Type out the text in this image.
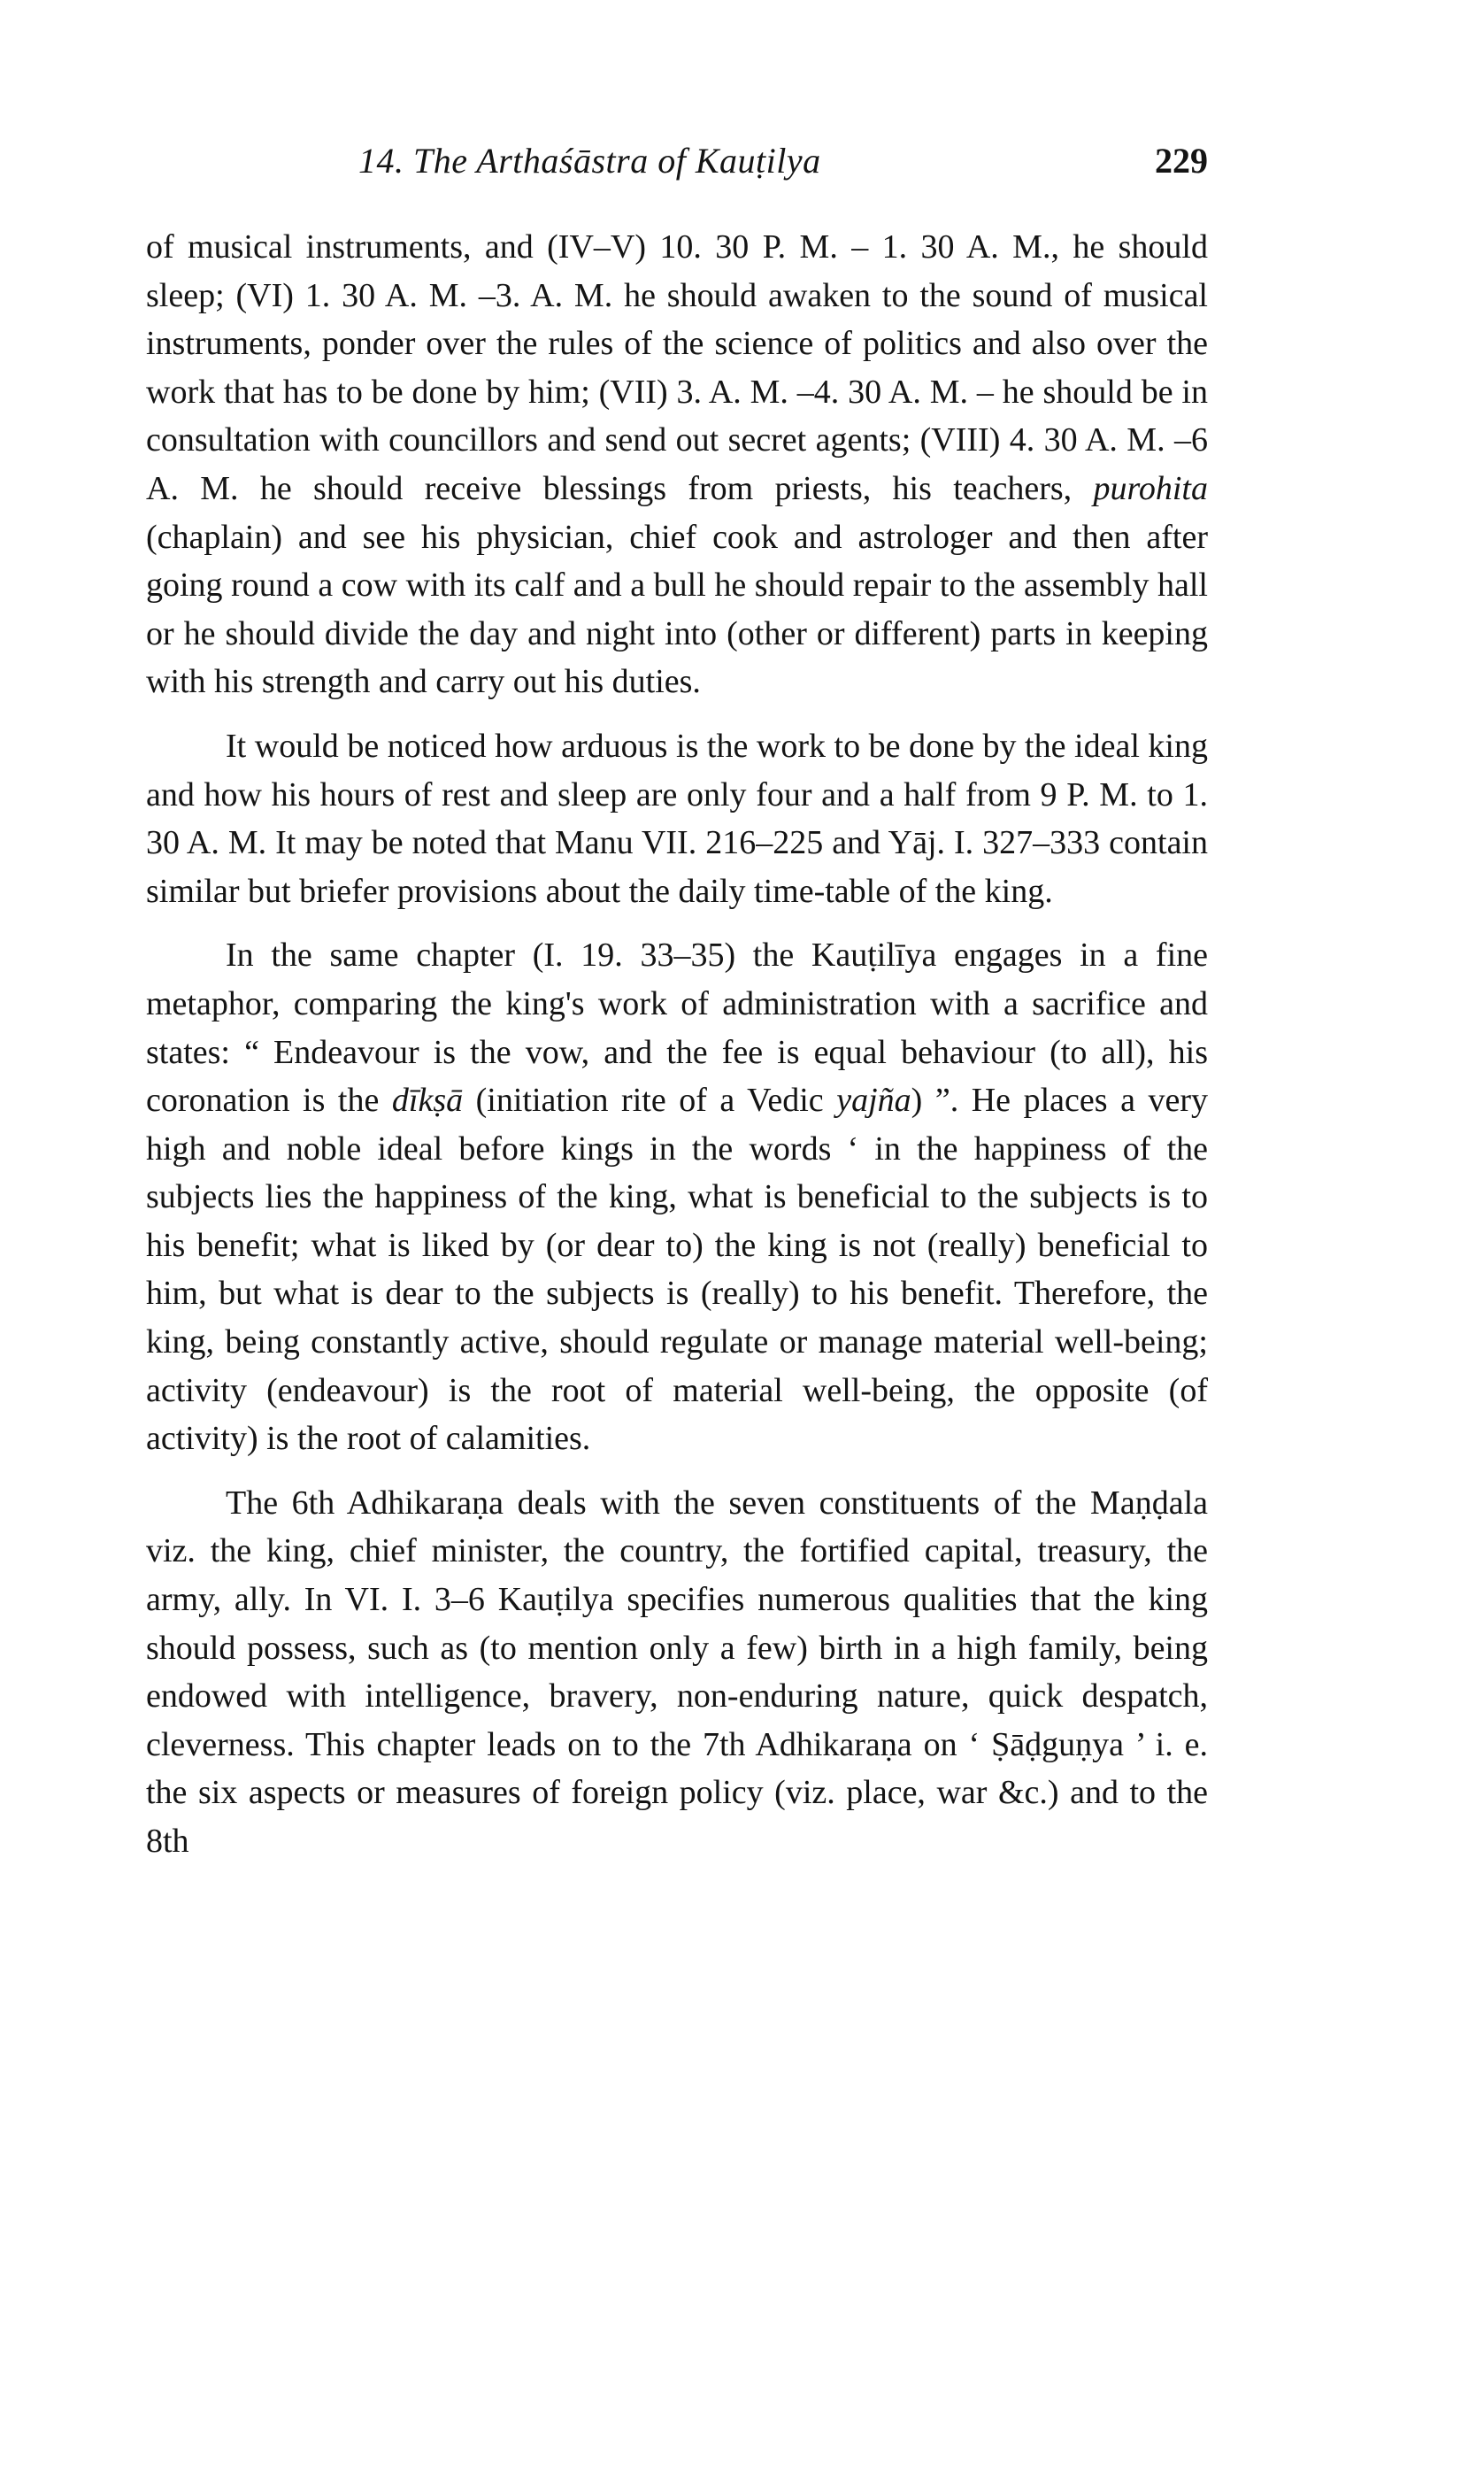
14. The Arthaśāstra of Kauṭilya	229

of musical instruments, and (IV–V) 10. 30 P. M. – 1. 30 A. M., he should sleep; (VI) 1. 30 A. M. –3. A. M. he should awaken to the sound of musical instruments, ponder over the rules of the science of politics and also over the work that has to be done by him; (VII) 3. A. M. –4. 30 A. M. – he should be in consultation with councillors and send out secret agents; (VIII) 4. 30 A. M. –6 A. M. he should receive blessings from priests, his teachers, purohita (chaplain) and see his physician, chief cook and astrologer and then after going round a cow with its calf and a bull he should repair to the assembly hall or he should divide the day and night into (other or different) parts in keeping with his strength and carry out his duties.

It would be noticed how arduous is the work to be done by the ideal king and how his hours of rest and sleep are only four and a half from 9 P. M. to 1. 30 A. M. It may be noted that Manu VII. 216–225 and Yāj. I. 327–333 contain similar but briefer provisions about the daily time-table of the king.

In the same chapter (I. 19. 33–35) the Kauṭilīya engages in a fine metaphor, comparing the king's work of administration with a sacrifice and states: “ Endeavour is the vow, and the fee is equal behaviour (to all), his coronation is the dīkṣā (initiation rite of a Vedic yajña) ”. He places a very high and noble ideal before kings in the words ‘ in the happiness of the subjects lies the happiness of the king, what is beneficial to the subjects is to his benefit; what is liked by (or dear to) the king is not (really) beneficial to him, but what is dear to the subjects is (really) to his benefit. Therefore, the king, being constantly active, should regulate or manage material well-being; activity (endeavour) is the root of material well-being, the opposite (of activity) is the root of calamities.

The 6th Adhikaraṇa deals with the seven constituents of the Maṇḍala viz. the king, chief minister, the country, the fortified capital, treasury, the army, ally. In VI. I. 3–6 Kauṭilya specifies numerous qualities that the king should possess, such as (to mention only a few) birth in a high family, being endowed with intelligence, bravery, non-enduring nature, quick despatch, cleverness. This chapter leads on to the 7th Adhikaraṇa on ‘ Ṣāḍguṇya ’ i. e. the six aspects or measures of foreign policy (viz. place, war &c.) and to the 8th
